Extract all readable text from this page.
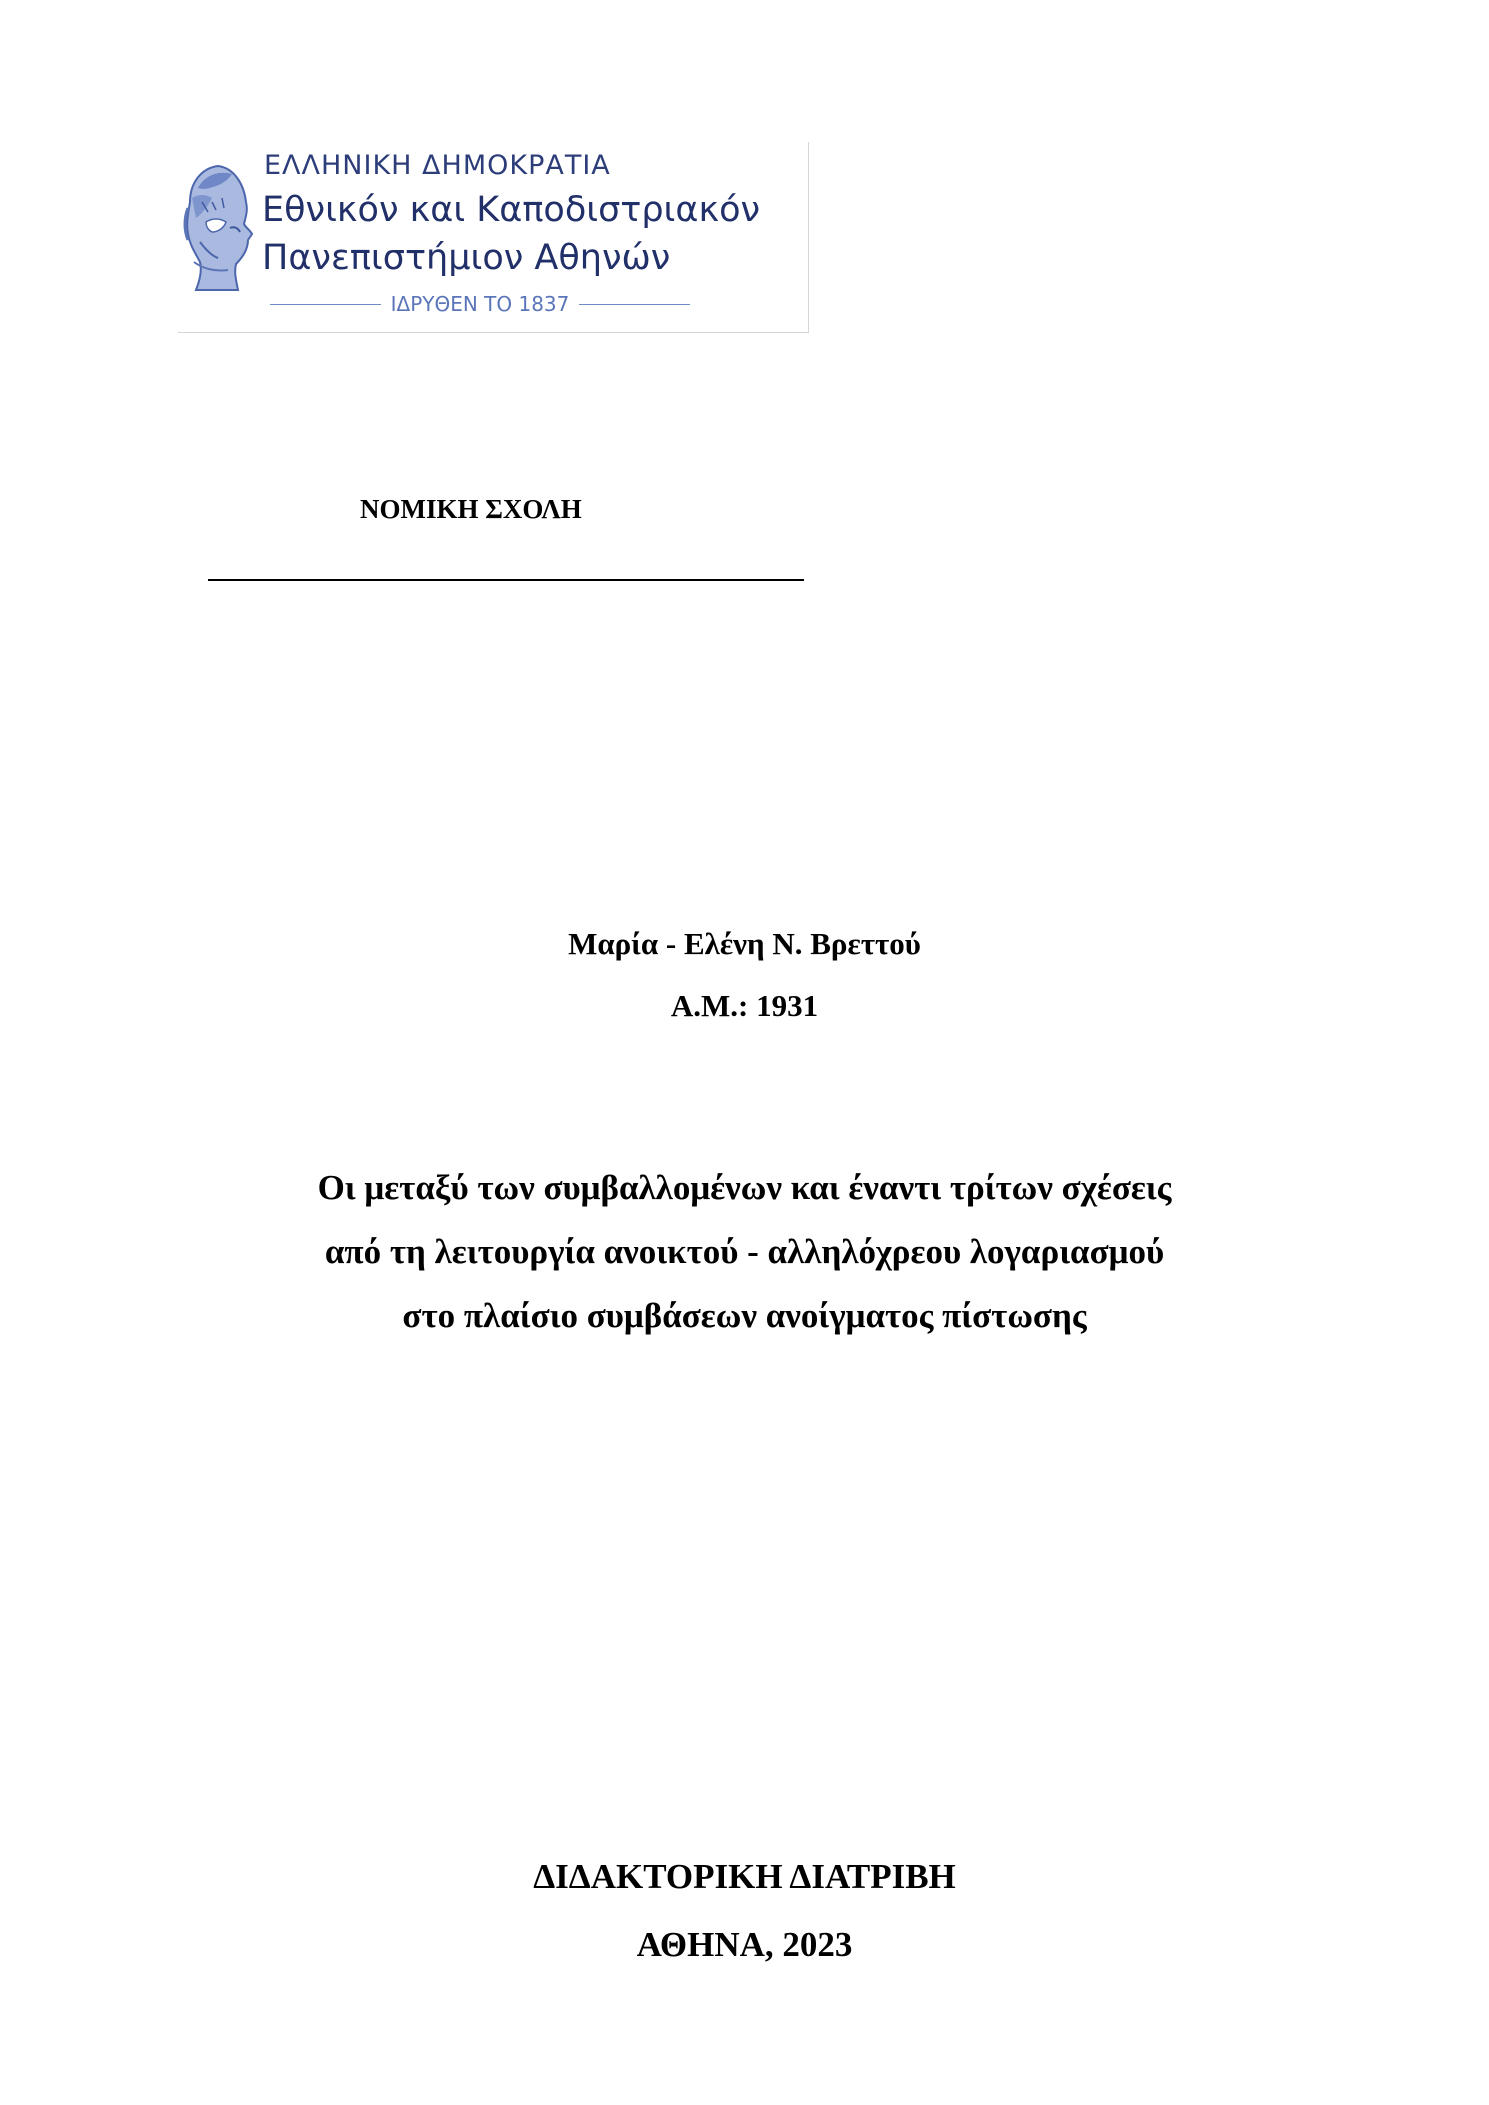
ΕΛΛΗΝΙΚΗ ΔΗΜΟΚΡΑΤΙΑ
Εθνικόν και Καποδιστριακόν
Πανεπιστήμιον Αθηνών
ΙΔΡΥΘΕΝ ΤΟ 1837
ΝΟΜΙΚΗ ΣΧΟΛΗ
Μαρία - Ελένη Ν. Βρεττού
Α.Μ.: 1931
Οι μεταξύ των συμβαλλομένων και έναντι τρίτων σχέσεις
από τη λειτουργία ανοικτού - αλληλόχρεου λογαριασμού
στο πλαίσιο συμβάσεων ανοίγματος πίστωσης
ΔΙΔΑΚΤΟΡΙΚΗ ΔΙΑΤΡΙΒΗ
ΑΘΗΝΑ, 2023
